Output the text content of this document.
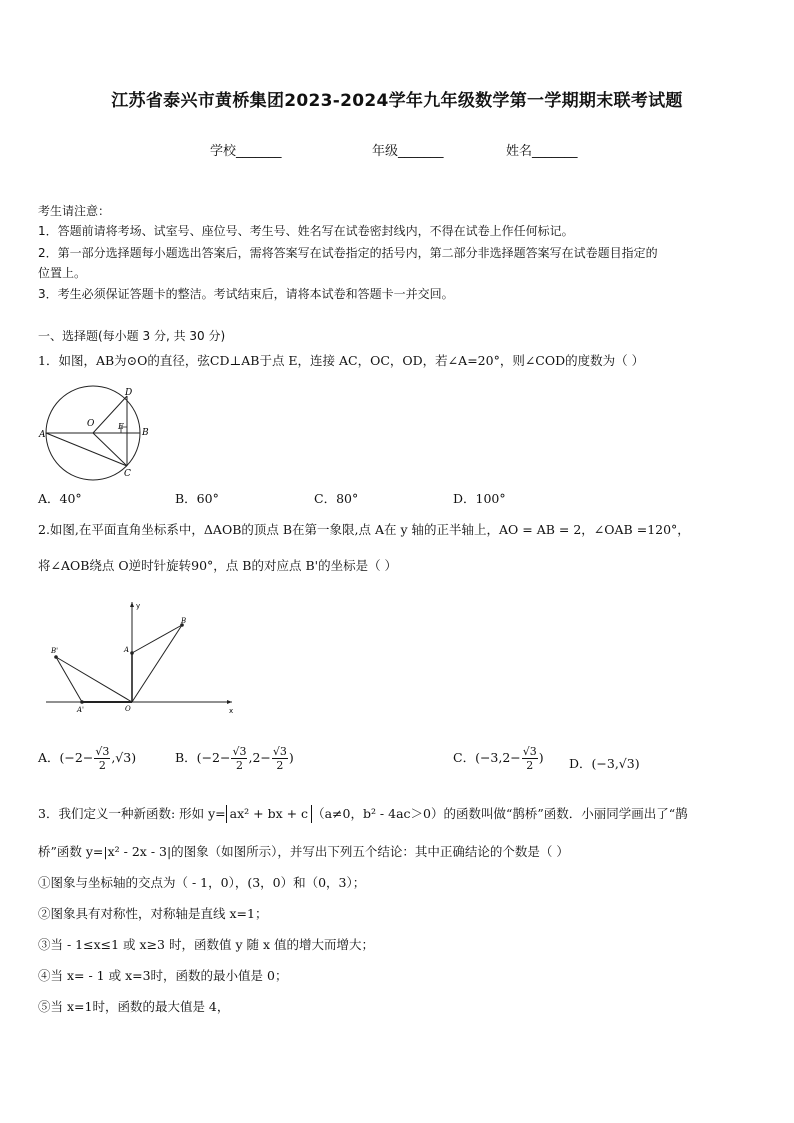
江苏省泰兴市黄桥集团2023-2024学年九年级数学第一学期期末联考试题
学校_______	年级_______	姓名_______
考生请注意：
1．答题前请将考场、试室号、座位号、考生号、姓名写在试卷密封线内，不得在试卷上作任何标记。
2．第一部分选择题每小题选出答案后，需将答案写在试卷指定的括号内，第二部分非选择题答案写在试卷题目指定的
位置上。
3．考生必须保证答题卡的整洁。考试结束后，请将本试卷和答题卡一并交回。
一、选择题(每小题 3 分, 共 30 分)
1．如图，AB为⊙O的直径，弦CD⊥AB于点 E，连接 AC，OC，OD，若∠A=20°，则∠COD的度数为（ ）
A	B
C
D
E
O
A．40°	B．60°	C．80°	D．100°
2.如图,在平面直角坐标系中，ΔAOB的顶点 B在第一象限,点 A在 y 轴的正半轴上，AO = AB = 2，∠OAB =120°，
将∠AOB绕点 O逆时针旋转90°，点 B的对应点 B'的坐标是（ ）
y
x
A
B
B'
A'	O
A．$(-2- \frac{√3}{2} ,√3)$	B．($-2- \frac{√3}{2} ,2- \frac{√3}{2}$ )	C．($-3,2- \frac{√3}{2}$ ) D．(−3,√3)
3．我们定义一种新函数: 形如 y= ax² + bx + c （a≠0，b² - 4ac＞0）的函数叫做“鹊桥”函数．小丽同学画出了“鹊
桥”函数 y=|x² - 2x - 3|的图象（如图所示），并写出下列五个结论：其中正确结论的个数是（ ）
①图象与坐标轴的交点为（ - 1，0），(3，0）和（0，3）；
②图象具有对称性，对称轴是直线 x=1；
③当 - 1≤x≤1 或 x≥3 时，函数值 y 随 x 值的增大而增大；
④当 x= - 1 或 x=3时，函数的最小值是 0；
⑤当 x=1时，函数的最大值是 4，
